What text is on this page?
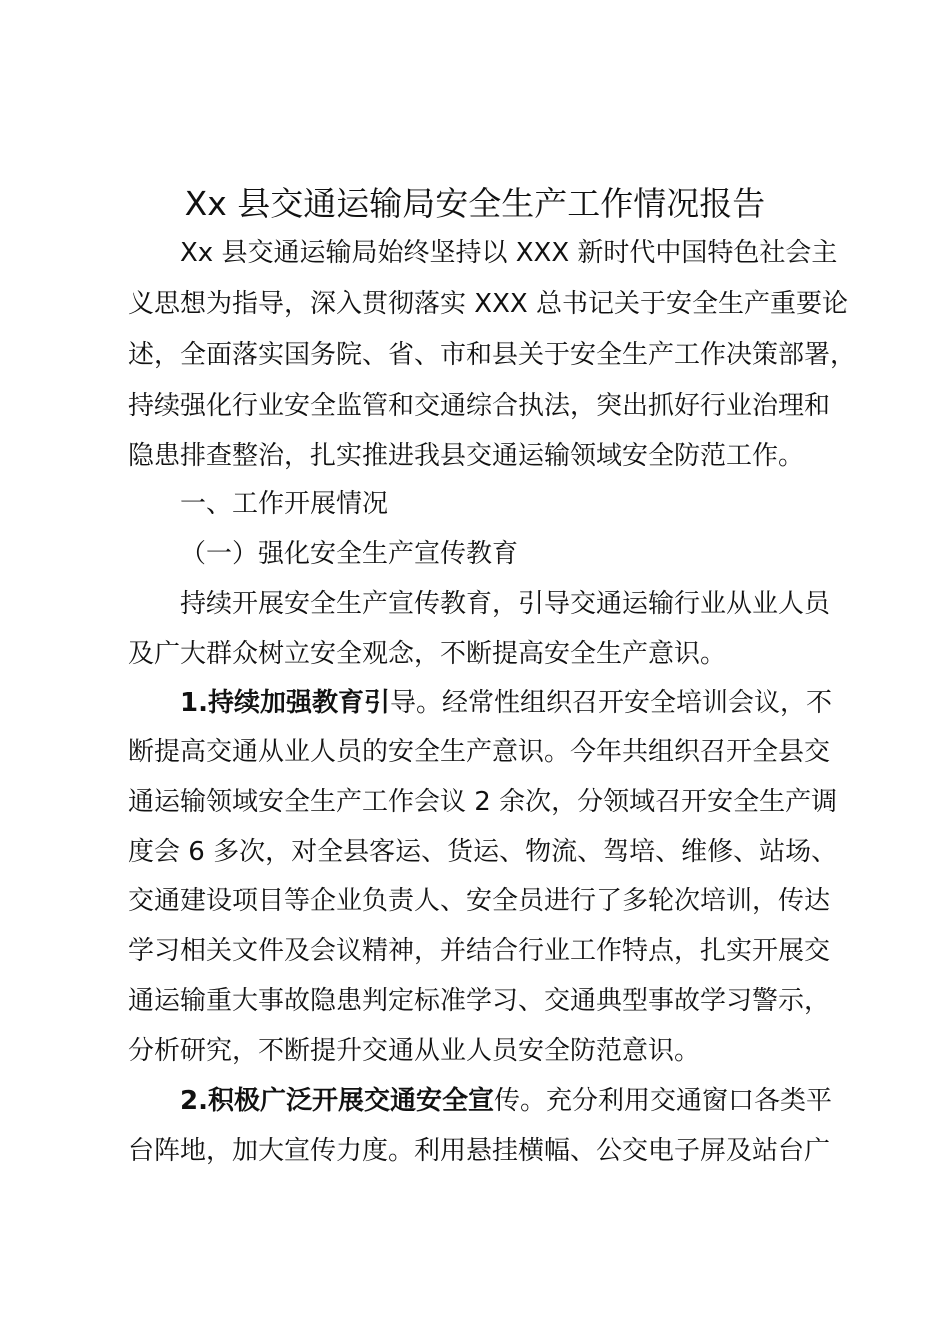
Xx 县交通运输局安全生产工作情况报告
Xx 县交通运输局始终坚持以 XXX 新时代中国特色社会主
义思想为指导，深入贯彻落实 XXX 总书记关于安全生产重要论
述，全面落实国务院、省、市和县关于安全生产工作决策部署，
持续强化行业安全监管和交通综合执法，突出抓好行业治理和
隐患排查整治，扎实推进我县交通运输领域安全防范工作。
一、工作开展情况
（一）强化安全生产宣传教育
持续开展安全生产宣传教育，引导交通运输行业从业人员
及广大群众树立安全观念，不断提高安全生产意识。
1.持续加强教育引导。经常性组织召开安全培训会议，不
断提高交通从业人员的安全生产意识。今年共组织召开全县交
通运输领域安全生产工作会议 2 余次，分领域召开安全生产调
度会 6 多次，对全县客运、货运、物流、驾培、维修、站场、
交通建设项目等企业负责人、安全员进行了多轮次培训，传达
学习相关文件及会议精神，并结合行业工作特点，扎实开展交
通运输重大事故隐患判定标准学习、交通典型事故学习警示，
分析研究，不断提升交通从业人员安全防范意识。
2.积极广泛开展交通安全宣传。充分利用交通窗口各类平
台阵地，加大宣传力度。利用悬挂横幅、公交电子屏及站台广
